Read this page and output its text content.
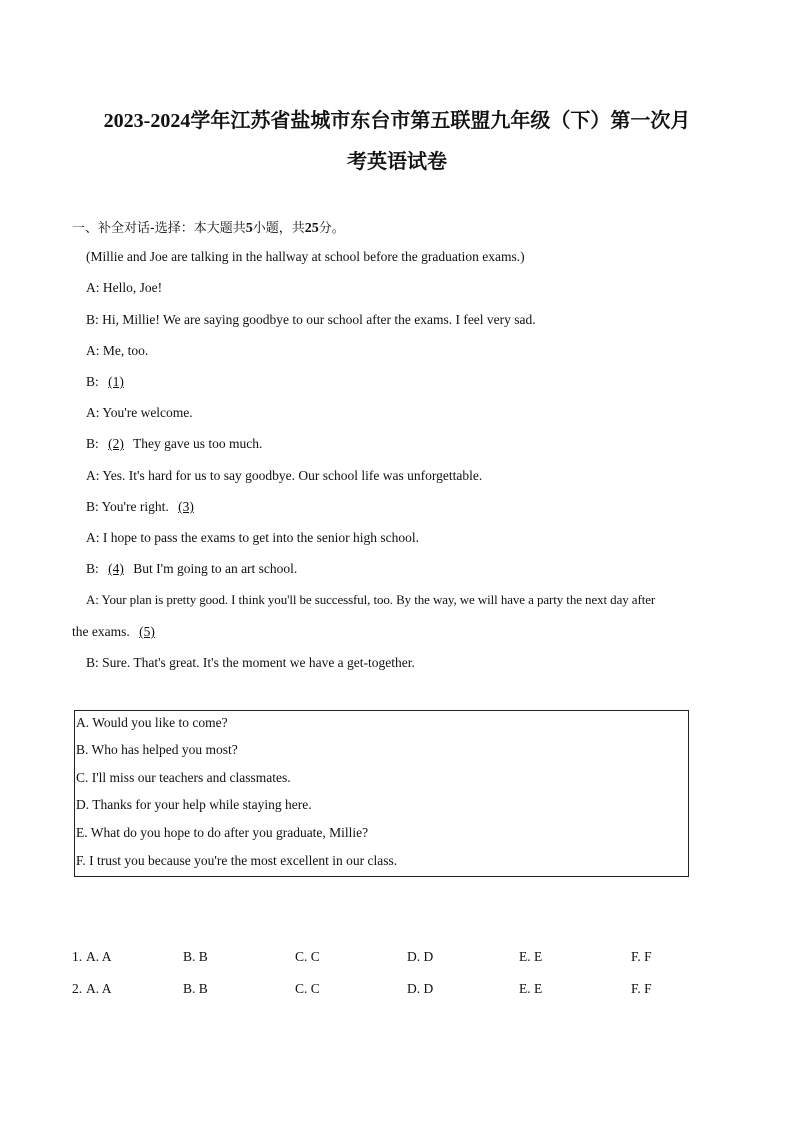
2023-2024学年江苏省盐城市东台市第五联盟九年级（下）第一次月
考英语试卷
一、补全对话-选择：本大题共5小题，共25分。
(Millie and Joe are talking in the hallway at school before the graduation exams.)
A: Hello, Joe!
B: Hi, Millie! We are saying goodbye to our school after the exams. I feel very sad.
A: Me, too.
B: (1)
A: You're welcome.
B: (2) They gave us too much.
A: Yes. It's hard for us to say goodbye. Our school life was unforgettable.
B: You're right. (3)
A: I hope to pass the exams to get into the senior high school.
B: (4) But I'm going to an art school.
A: Your plan is pretty good. I think you'll be successful, too. By the way, we will have a party the next day after
the exams. (5)
B: Sure. That's great. It's the moment we have a get-together.
A. Would you like to come?
B. Who has helped you most?
C. I'll miss our teachers and classmates.
D. Thanks for your help while staying here.
E. What do you hope to do after you graduate, Millie?
F. I trust you because you're the most excellent in our class.
1. A. A	B. B	C. C	D. D	E. E	F. F
2. A. A	B. B	C. C	D. D	E. E	F. F
